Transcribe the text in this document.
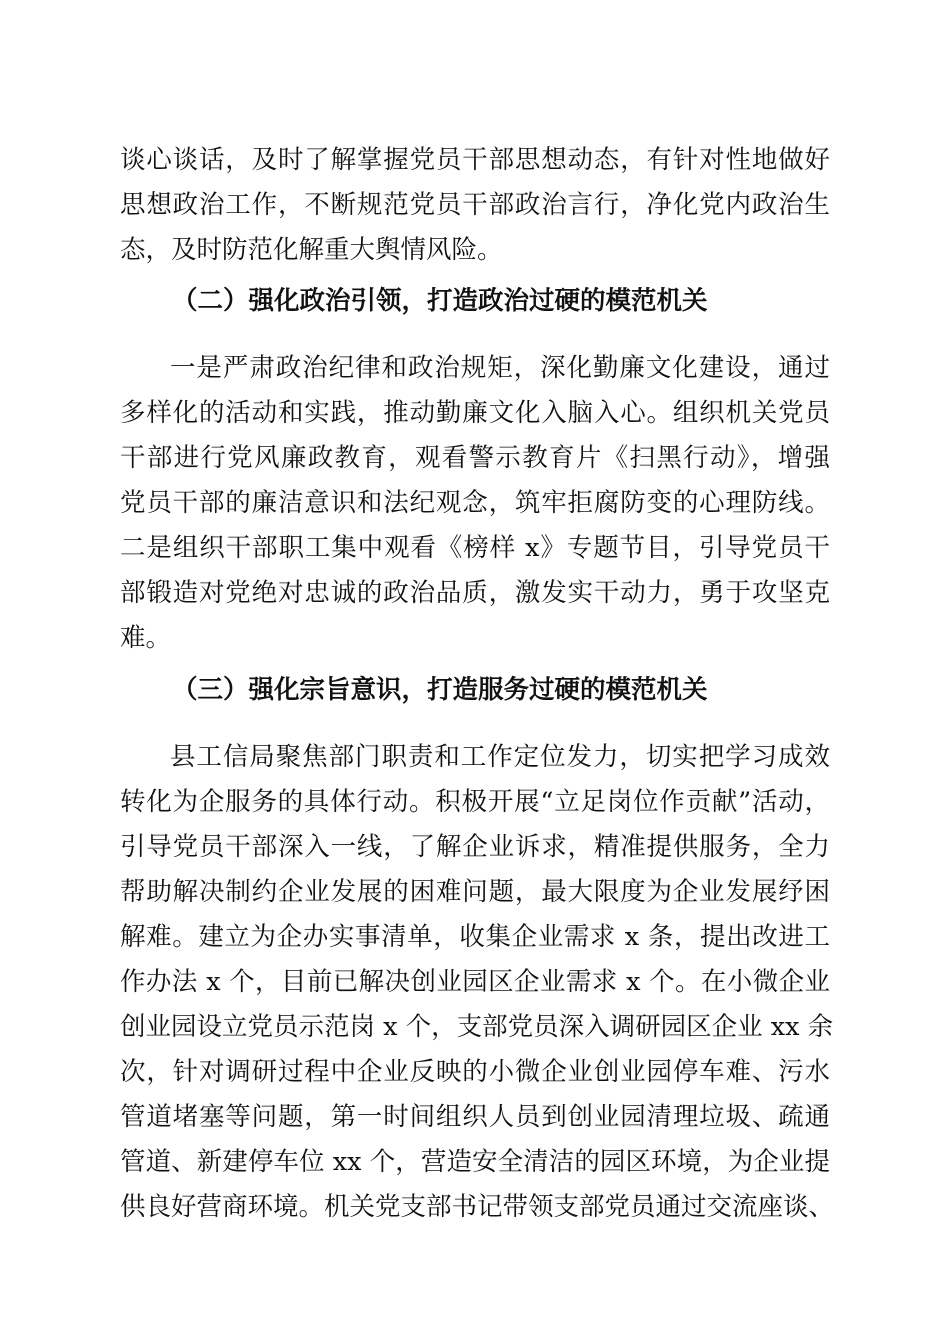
谈心谈话，及时了解掌握党员干部思想动态，有针对性地做好
思想政治工作，不断规范党员干部政治言行，净化党内政治生
态，及时防范化解重大舆情风险。
（二）强化政治引领，打造政治过硬的模范机关
一是严肃政治纪律和政治规矩，深化勤廉文化建设，通过
多样化的活动和实践，推动勤廉文化入脑入心。组织机关党员
干部进行党风廉政教育，观看警示教育片《扫黑行动》，增强
党员干部的廉洁意识和法纪观念，筑牢拒腐防变的心理防线。
二是组织干部职工集中观看《榜样 x》专题节目，引导党员干
部锻造对党绝对忠诚的政治品质，激发实干动力，勇于攻坚克
难。
（三）强化宗旨意识，打造服务过硬的模范机关
县工信局聚焦部门职责和工作定位发力，切实把学习成效
转化为企服务的具体行动。积极开展“立足岗位作贡献”活动，
引导党员干部深入一线，了解企业诉求，精准提供服务，全力
帮助解决制约企业发展的困难问题，最大限度为企业发展纾困
解难。建立为企办实事清单，收集企业需求 x 条，提出改进工
作办法 x 个，目前已解决创业园区企业需求 x 个。在小微企业
创业园设立党员示范岗 x 个，支部党员深入调研园区企业 xx 余
次，针对调研过程中企业反映的小微企业创业园停车难、污水
管道堵塞等问题，第一时间组织人员到创业园清理垃圾、疏通
管道、新建停车位 xx 个，营造安全清洁的园区环境，为企业提
供良好营商环境。机关党支部书记带领支部党员通过交流座谈、
